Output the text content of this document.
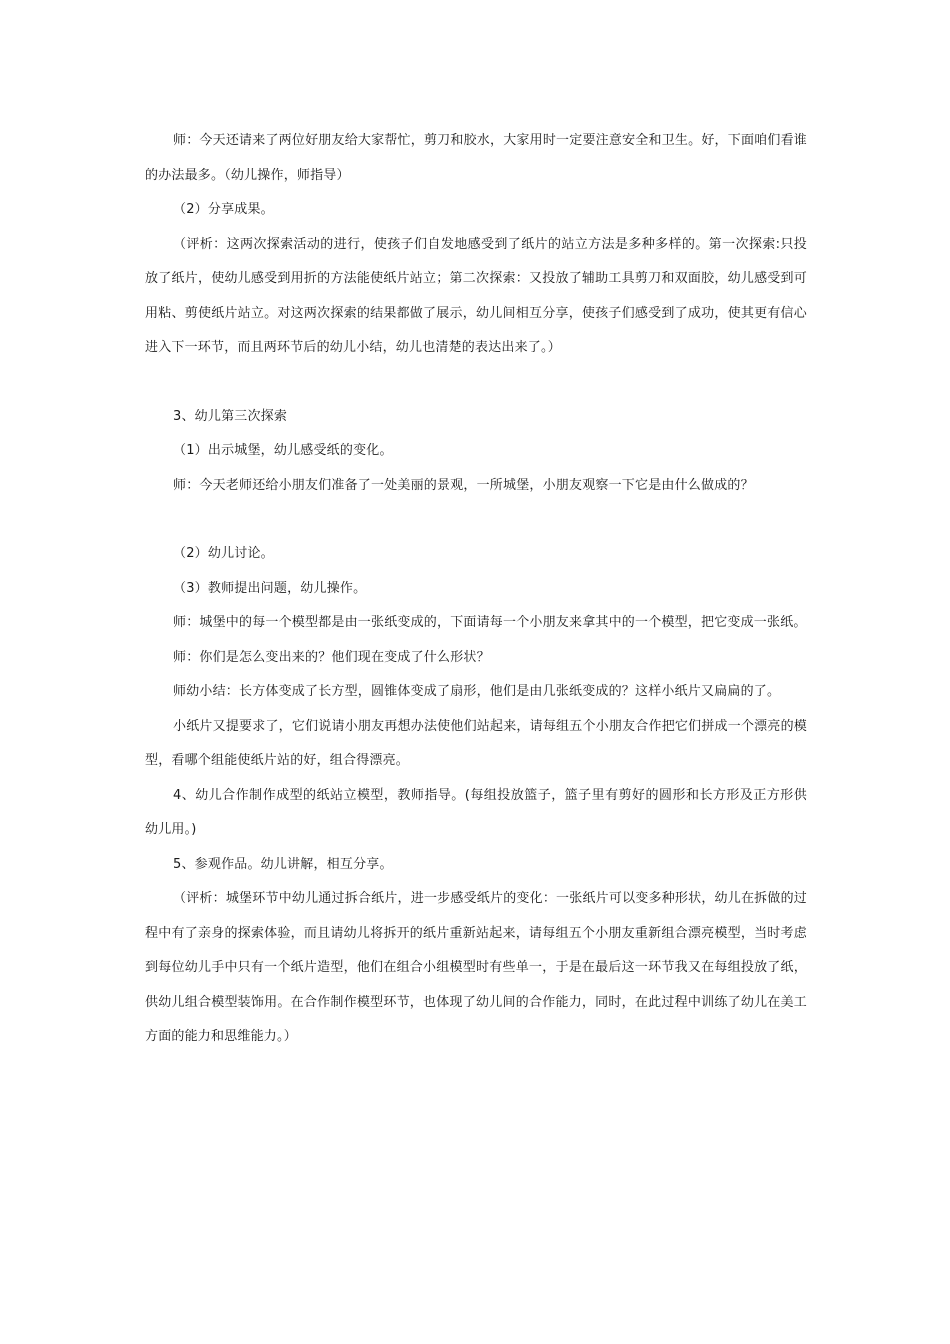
师：今天还请来了两位好朋友给大家帮忙，剪刀和胶水，大家用时一定要注意安全和卫生。好，下面咱们看谁的办法最多。（幼儿操作，师指导）

（2）分享成果。

（评析：这两次探索活动的进行，使孩子们自发地感受到了纸片的站立方法是多种多样的。第一次探索:只投放了纸片，使幼儿感受到用折的方法能使纸片站立；第二次探索：又投放了辅助工具剪刀和双面胶，幼儿感受到可用粘、剪使纸片站立。对这两次探索的结果都做了展示，幼儿间相互分享，使孩子们感受到了成功，使其更有信心进入下一环节，而且两环节后的幼儿小结，幼儿也清楚的表达出来了。）

3、幼儿第三次探索

（1）出示城堡，幼儿感受纸的变化。

师：今天老师还给小朋友们准备了一处美丽的景观，一所城堡，小朋友观察一下它是由什么做成的？

（2）幼儿讨论。

（3）教师提出问题，幼儿操作。

师：城堡中的每一个模型都是由一张纸变成的，下面请每一个小朋友来拿其中的一个模型，把它变成一张纸。

师：你们是怎么变出来的？他们现在变成了什么形状？

师幼小结：长方体变成了长方型，圆锥体变成了扇形，他们是由几张纸变成的？这样小纸片又扁扁的了。

小纸片又提要求了，它们说请小朋友再想办法使他们站起来，请每组五个小朋友合作把它们拼成一个漂亮的模型，看哪个组能使纸片站的好，组合得漂亮。

4、幼儿合作制作成型的纸站立模型，教师指导。(每组投放篮子，篮子里有剪好的圆形和长方形及正方形供幼儿用。)

5、参观作品。幼儿讲解，相互分享。

（评析：城堡环节中幼儿通过拆合纸片，进一步感受纸片的变化：一张纸片可以变多种形状，幼儿在拆做的过程中有了亲身的探索体验，而且请幼儿将拆开的纸片重新站起来，请每组五个小朋友重新组合漂亮模型，当时考虑到每位幼儿手中只有一个纸片造型，他们在组合小组模型时有些单一，于是在最后这一环节我又在每组投放了纸，供幼儿组合模型装饰用。在合作制作模型环节，也体现了幼儿间的合作能力，同时，在此过程中训练了幼儿在美工方面的能力和思维能力。）
